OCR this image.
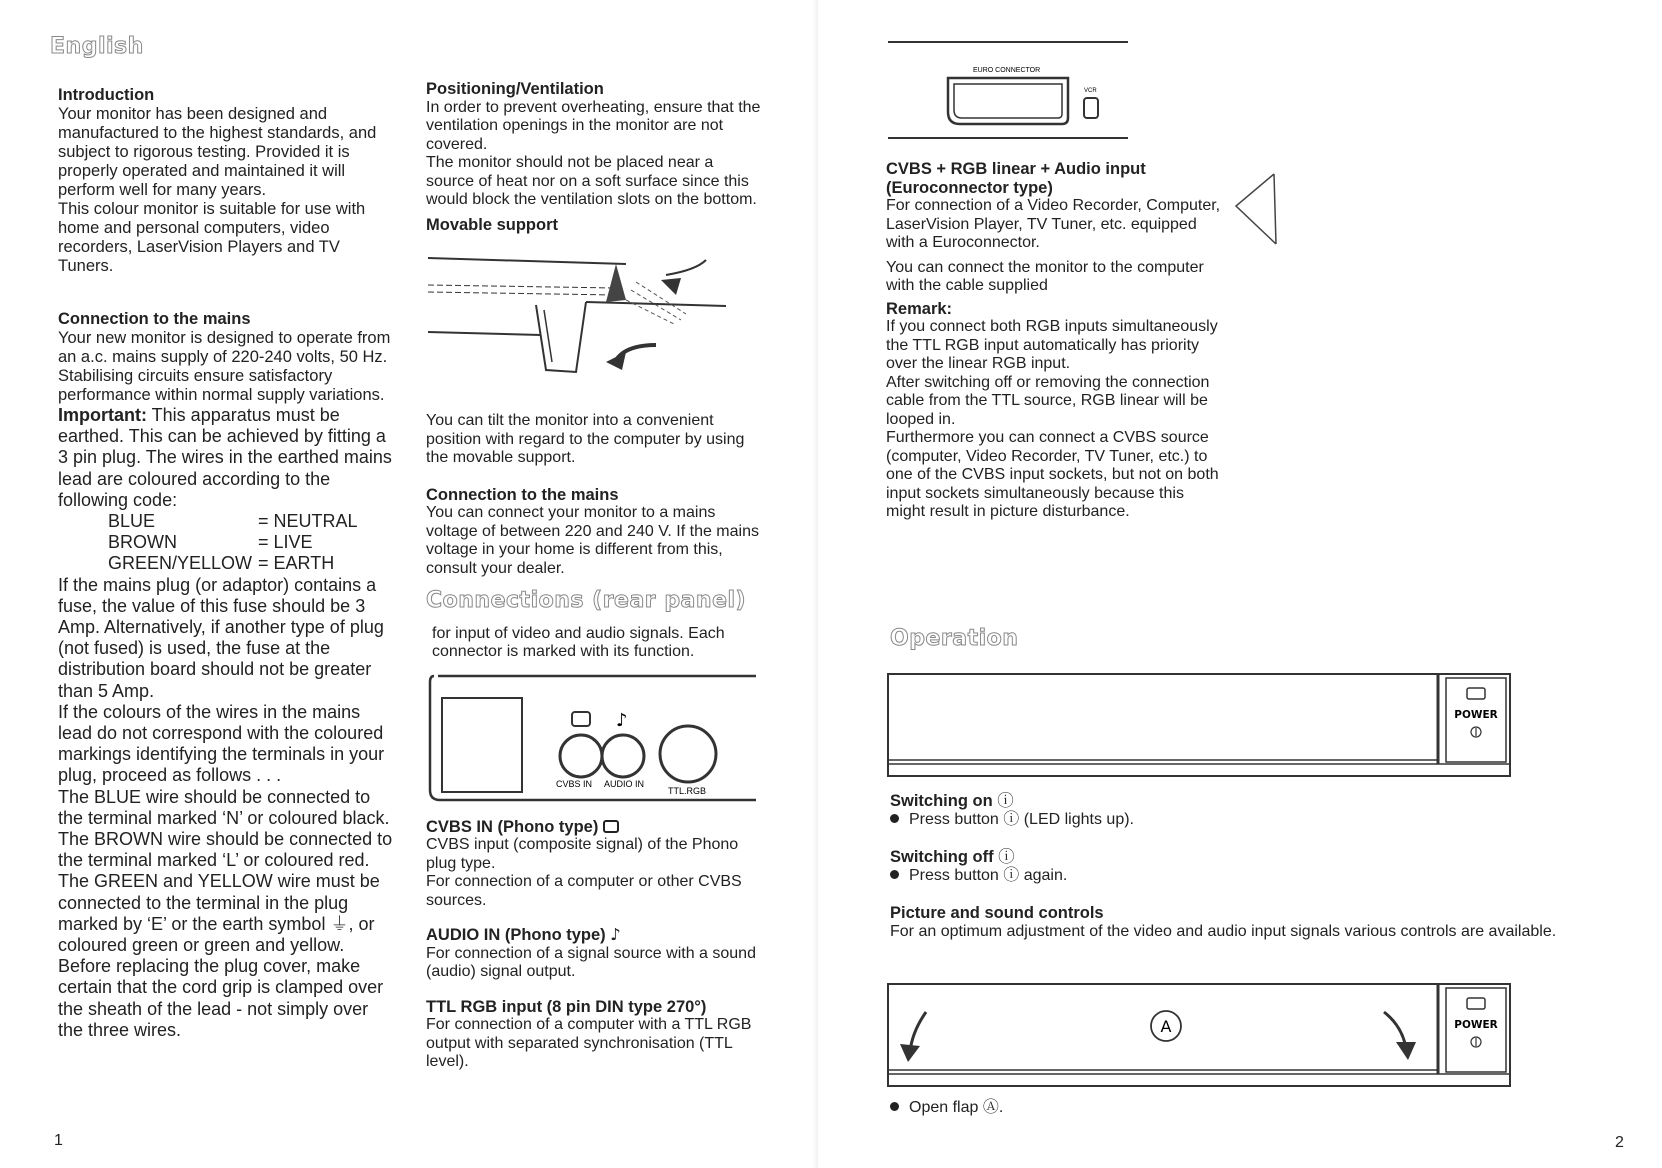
English

Introduction

Your monitor has been designed and manufactured to the highest standards, and subject to rigorous testing. Provided it is properly operated and maintained it will perform well for many years.

This colour monitor is suitable for use with home and personal computers, video recorders, LaserVision Players and TV Tuners.

Connection to the mains

Your new monitor is designed to operate from an a.c. mains supply of 220-240 volts, 50 Hz. Stabilising circuits ensure satisfactory performance within normal supply variations.

Important: This apparatus must be earthed. This can be achieved by fitting a 3 pin plug. The wires in the earthed mains lead are coloured according to the following code:

BLUE	= NEUTRAL
BROWN	= LIVE
GREEN/YELLOW = EARTH

If the mains plug (or adaptor) contains a fuse, the value of this fuse should be 3 Amp. Alternatively, if another type of plug (not fused) is used, the fuse at the distribution board should not be greater than 5 Amp.

If the colours of the wires in the mains lead do not correspond with the coloured markings identifying the terminals in your plug, proceed as follows . . .

The BLUE wire should be connected to the terminal marked ‘N’ or coloured black.

The BROWN wire should be connected to the terminal marked ‘L’ or coloured red.

The GREEN and YELLOW wire must be connected to the terminal in the plug marked by ‘E’ or the earth symbol ⏚, or coloured green or green and yellow.

Before replacing the plug cover, make certain that the cord grip is clamped over the sheath of the lead - not simply over the three wires.

Positioning/Ventilation

In order to prevent overheating, ensure that the ventilation openings in the monitor are not covered.

The monitor should not be placed near a source of heat nor on a soft surface since this would block the ventilation slots on the bottom.

Movable support

You can tilt the monitor into a convenient position with regard to the computer by using the movable support.

Connection to the mains

You can connect your monitor to a mains voltage of between 220 and 240 V. If the mains voltage in your home is different from this, consult your dealer.

Connections (rear panel)

for input of video and audio signals. Each connector is marked with its function.

♪
CVBS IN AUDIO IN
TTL.RGB

CVBS IN (Phono type)

CVBS input (composite signal) of the Phono plug type.

For connection of a computer or other CVBS sources.

AUDIO IN (Phono type) ♪

For connection of a signal source with a sound (audio) signal output.

TTL RGB input (8 pin DIN type 270°)

For connection of a computer with a TTL RGB output with separated synchronisation (TTL level).

1
EURO CONNECTOR
VCR

CVBS + RGB linear + Audio input

(Euroconnector type)

For connection of a Video Recorder, Computer, LaserVision Player, TV Tuner, etc. equipped with a Euroconnector.

You can connect the monitor to the computer with the cable supplied

Remark:

If you connect both RGB inputs simultaneously the TTL RGB input automatically has priority over the linear RGB input.

After switching off or removing the connection cable from the TTL source, RGB linear will be looped in.

Furthermore you can connect a CVBS source (computer, Video Recorder, TV Tuner, etc.) to one of the CVBS input sockets, but not on both input sockets simultaneously because this might result in picture disturbance.

Operation
POWER

Switching on ⓘ

Press button ⓘ (LED lights up).

Switching off ⓘ

Press button ⓘ again.

Picture and sound controls

For an optimum adjustment of the video and audio input signals various controls are available.

POWER
A
Open flap Ⓐ.
2
